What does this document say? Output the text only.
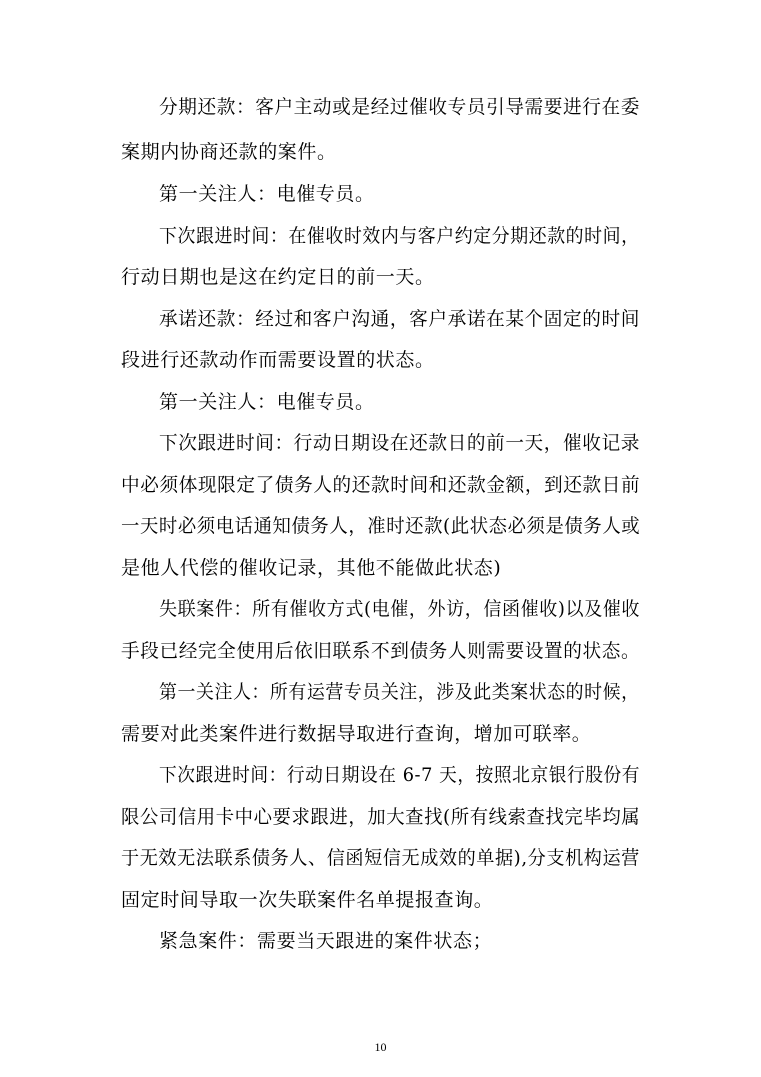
分期还款：客户主动或是经过催收专员引导需要进行在委
案期内协商还款的案件。
第一关注人：电催专员。
下次跟进时间：在催收时效内与客户约定分期还款的时间，
行动日期也是这在约定日的前一天。
承诺还款：经过和客户沟通，客户承诺在某个固定的时间
段进行还款动作而需要设置的状态。
第一关注人：电催专员。
下次跟进时间：行动日期设在还款日的前一天，催收记录
中必须体现限定了债务人的还款时间和还款金额，到还款日前
一天时必须电话通知债务人，准时还款(此状态必须是债务人或
是他人代偿的催收记录，其他不能做此状态)
失联案件：所有催收方式(电催，外访，信函催收)以及催收
手段已经完全使用后依旧联系不到债务人则需要设置的状态。
第一关注人：所有运营专员关注，涉及此类案状态的时候，
需要对此类案件进行数据导取进行查询，增加可联率。
下次跟进时间：行动日期设在 6-7 天，按照北京银行股份有
限公司信用卡中心要求跟进，加大查找(所有线索查找完毕均属
于无效无法联系债务人、信函短信无成效的单据),分支机构运营
固定时间导取一次失联案件名单提报查询。
紧急案件：需要当天跟进的案件状态；
10
